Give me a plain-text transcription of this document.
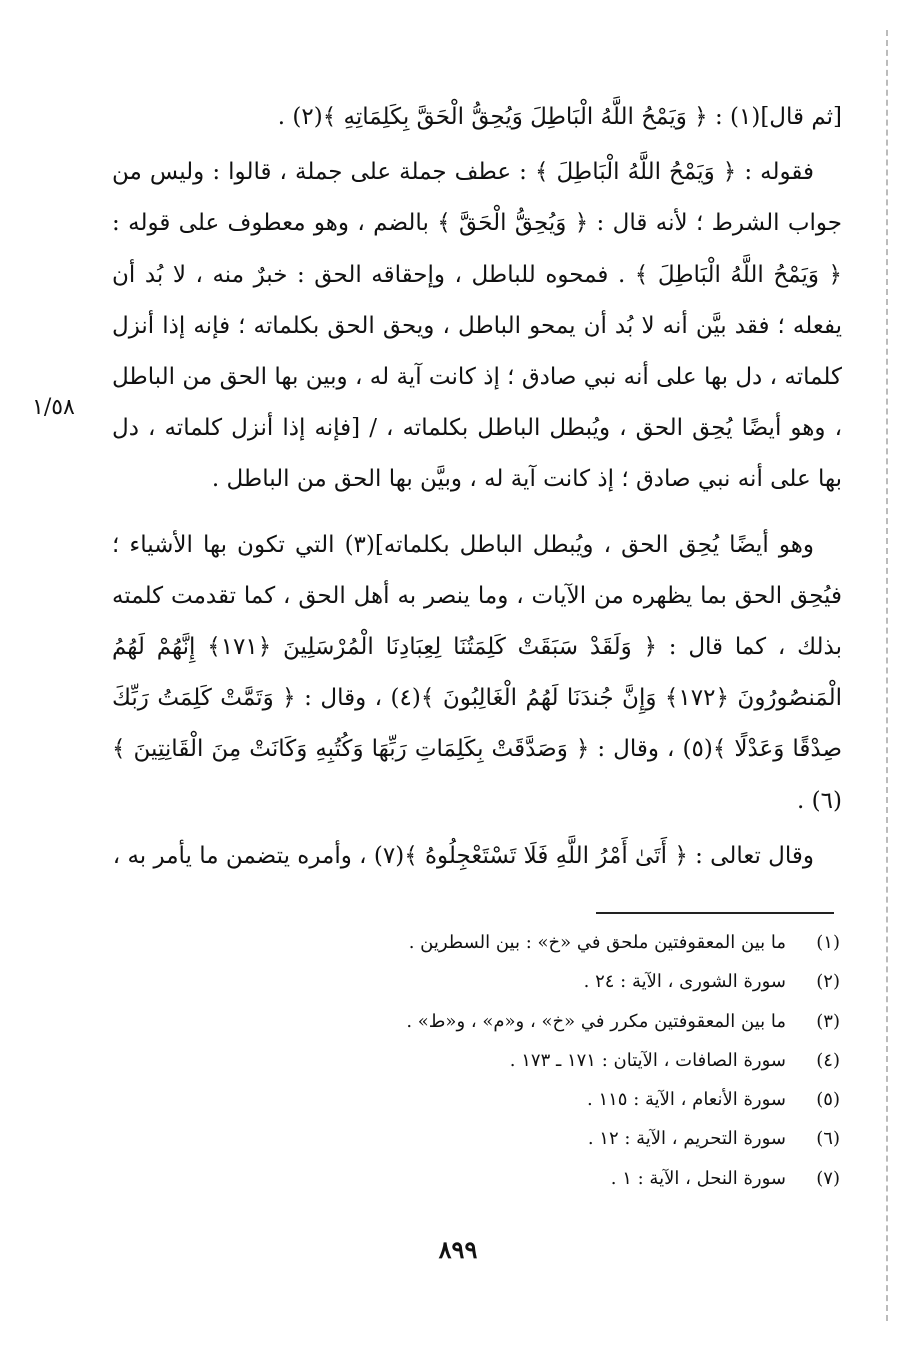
١/٥٨

[ثم قال](١) : ﴿ وَيَمْحُ اللَّهُ الْبَاطِلَ وَيُحِقُّ الْحَقَّ بِكَلِمَاتِهِ ﴾(٢) .

فقوله : ﴿ وَيَمْحُ اللَّهُ الْبَاطِلَ ﴾ : عطف جملة على جملة ، قالوا : وليس من جواب الشرط ؛ لأنه قال : ﴿ وَيُحِقُّ الْحَقَّ ﴾ بالضم ، وهو معطوف على قوله : ﴿ وَيَمْحُ اللَّهُ الْبَاطِلَ ﴾ . فمحوه للباطل ، وإحقاقه الحق : خبرٌ منه ، لا بُد أن يفعله ؛ فقد بيَّن أنه لا بُد أن يمحو الباطل ، ويحق الحق بكلماته ؛ فإنه إذا أنزل كلماته ، دل بها على أنه نبي صادق ؛ إذ كانت آية له ، وبين بها الحق من الباطل ، وهو أيضًا يُحِق الحق ، ويُبطل الباطل بكلماته ، / [فإنه إذا أنزل كلماته ، دل بها على أنه نبي صادق ؛ إذ كانت آية له ، وبيَّن بها الحق من الباطل .

وهو أيضًا يُحِق الحق ، ويُبطل الباطل بكلماته](٣) التي تكون بها الأشياء ؛ فيُحِق الحق بما يظهره من الآيات ، وما ينصر به أهل الحق ، كما تقدمت كلمته بذلك ، كما قال : ﴿ وَلَقَدْ سَبَقَتْ كَلِمَتُنَا لِعِبَادِنَا الْمُرْسَلِينَ ﴿١٧١﴾ إِنَّهُمْ لَهُمُ الْمَنصُورُونَ ﴿١٧٢﴾ وَإِنَّ جُندَنَا لَهُمُ الْغَالِبُونَ ﴾(٤) ، وقال : ﴿ وَتَمَّتْ كَلِمَتُ رَبِّكَ صِدْقًا وَعَدْلًا ﴾(٥) ، وقال : ﴿ وَصَدَّقَتْ بِكَلِمَاتِ رَبِّهَا وَكُتُبِهِ وَكَانَتْ مِنَ الْقَانِتِينَ ﴾(٦) .

وقال تعالى : ﴿ أَتَىٰ أَمْرُ اللَّهِ فَلَا تَسْتَعْجِلُوهُ ﴾(٧) ، وأمره يتضمن ما يأمر به ،

(١)
ما بين المعقوفتين ملحق في «خ» : بين السطرين .
(٢)
سورة الشورى ، الآية : ٢٤ .
(٣)
ما بين المعقوفتين مكرر في «خ» ، و«م» ، و«ط» .
(٤)
سورة الصافات ، الآيتان : ١٧١ ـ ١٧٣ .
(٥)
سورة الأنعام ، الآية : ١١٥ .
(٦)
سورة التحريم ، الآية : ١٢ .
(٧)
سورة النحل ، الآية : ١ .
٨٩٩
